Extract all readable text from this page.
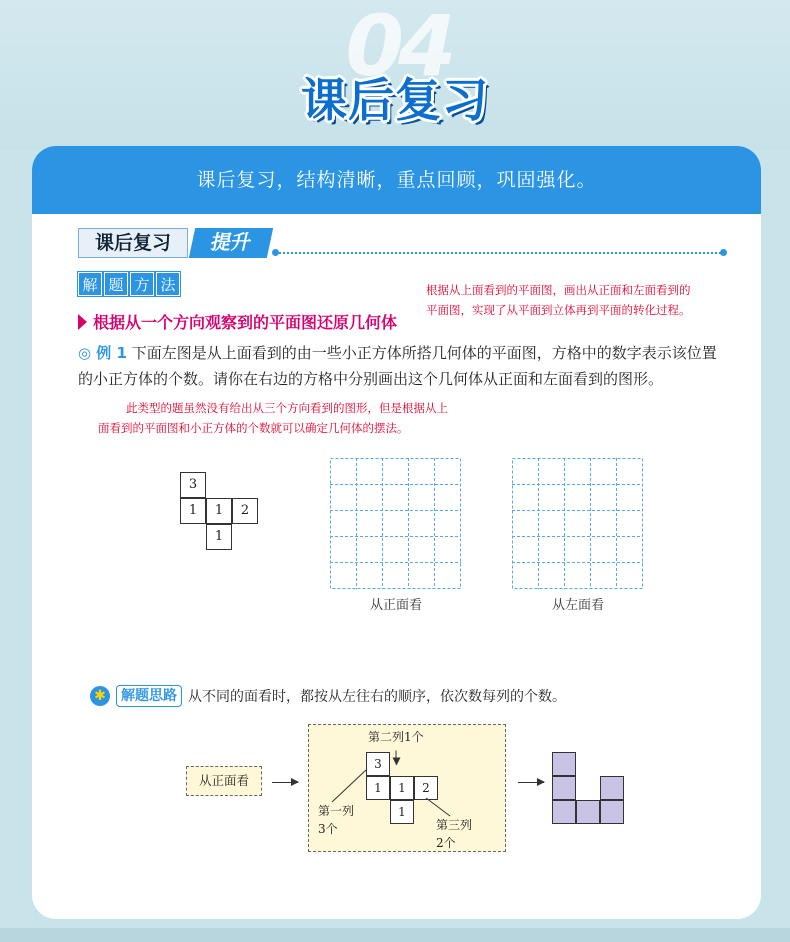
04
课后复习
课后复习，结构清晰，重点回顾，巩固强化。
课后复习	提升
解 题 方 法
根据从一个方向观察到的平面图还原几何体
根据从上面看到的平面图，画出从正面和左面看到的
平面图，实现了从平面到立体再到平面的转化过程。
◎ 例 1 下面左图是从上面看到的由一些小正方体所搭几何体的平面图，方格中的数字表示该位置的小正方体的个数。请你在右边的方格中分别画出这个几何体从正面和左面看到的图形。
此类型的题虽然没有给出从三个方向看到的图形，但是根据从上
面看到的平面图和小正方体的个数就可以确定几何体的摆法。
3
1	1	2
1
从正面看	从左面看
✱	解题思路 从不同的面看时，都按从左往右的顺序，依次数每列的个数。
从正面看
第二列1个
3
1	1	2
1
第一列
3个	第三列
2个
